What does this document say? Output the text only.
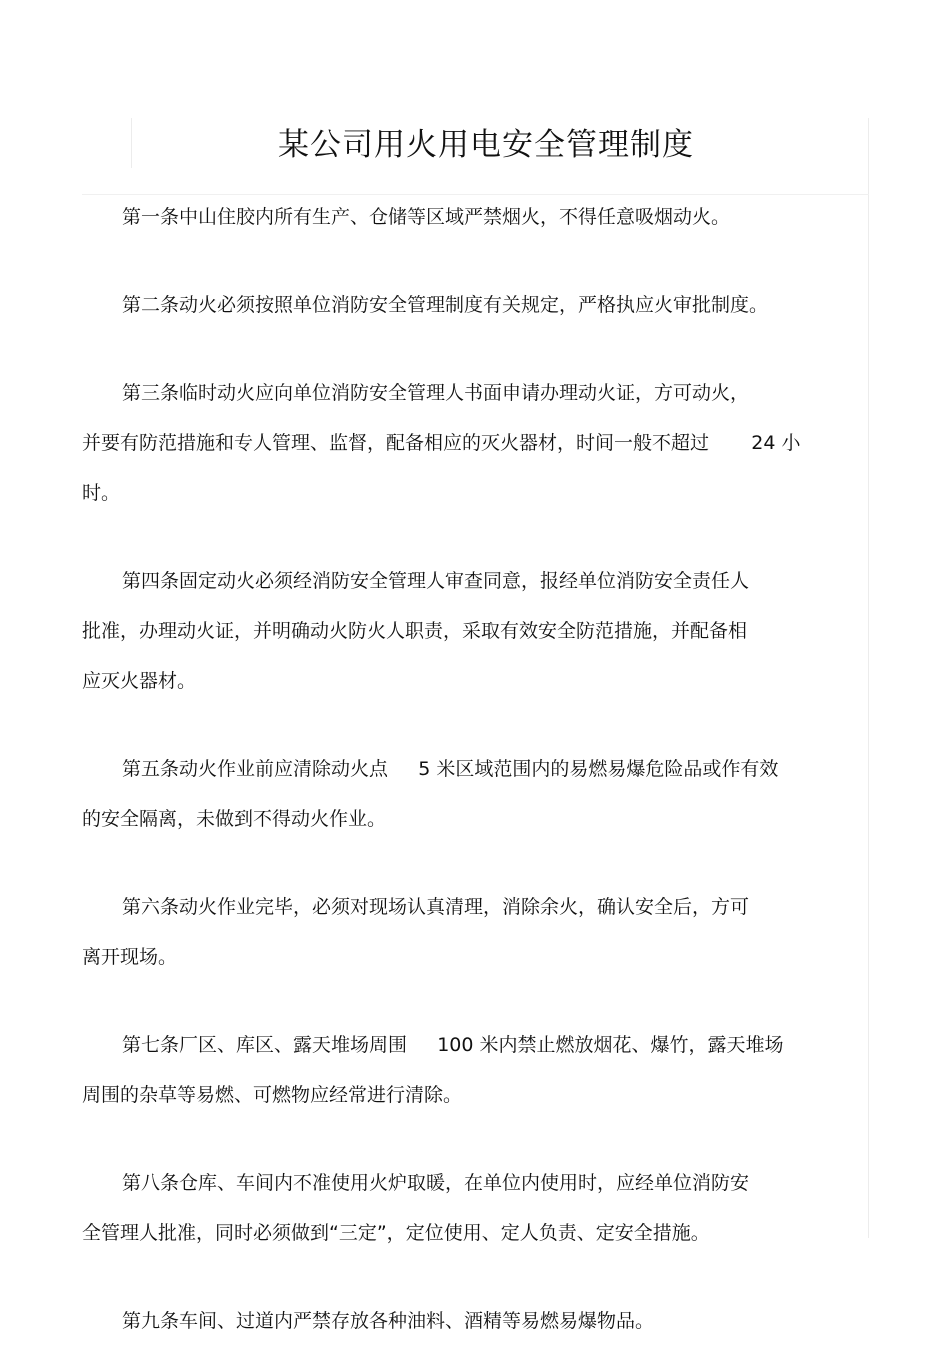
某公司用火用电安全管理制度
第一条中山住胶内所有生产、仓储等区域严禁烟火，不得任意吸烟动火。
第二条动火必须按照单位消防安全管理制度有关规定，严格执应火审批制度。
第三条临时动火应向单位消防安全管理人书面申请办理动火证，方可动火，
并要有防范措施和专人管理、监督，配备相应的灭火器材，时间一般不超过       24 小
时。
第四条固定动火必须经消防安全管理人审查同意，报经单位消防安全责任人
批准，办理动火证，并明确动火防火人职责，采取有效安全防范措施，并配备相
应灭火器材。
第五条动火作业前应清除动火点     5 米区域范围内的易燃易爆危险品或作有效
的安全隔离，未做到不得动火作业。
第六条动火作业完毕，必须对现场认真清理，消除余火，确认安全后，方可
离开现场。
第七条厂区、库区、露天堆场周围     100 米内禁止燃放烟花、爆竹，露天堆场
周围的杂草等易燃、可燃物应经常进行清除。
第八条仓库、车间内不准使用火炉取暖，在单位内使用时，应经单位消防安
全管理人批准，同时必须做到“三定”，定位使用、定人负责、定安全措施。
第九条车间、过道内严禁存放各种油料、酒精等易燃易爆物品。
